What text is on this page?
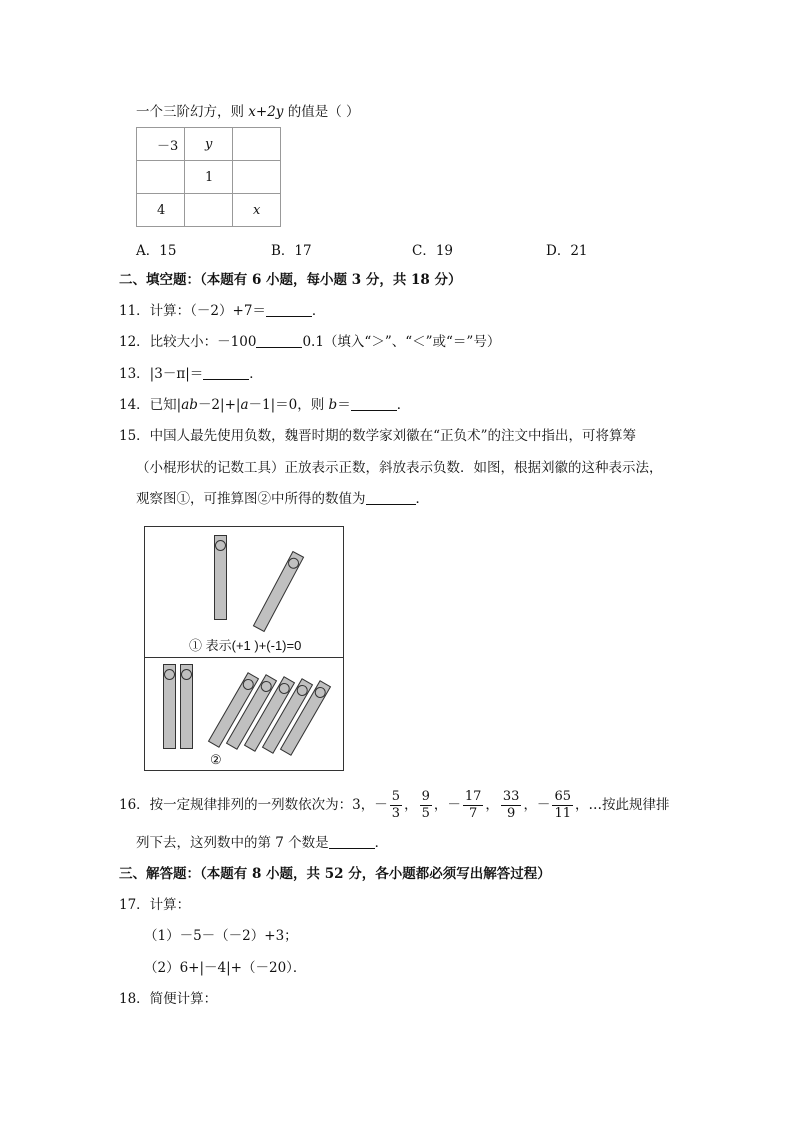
一个三阶幻方，则 x+2y 的值是（ ）
－3	y	
	1	
4		x
A．15	B．17	C．19	D．21
二、填空题：（本题有 6 小题，每小题 3 分，共 18 分）
11．计算：（－2）+7＝	．
12．比较大小：－100	0.1（填入“＞”、“＜”或“＝”号）
13．|3－π|＝	．
14．已知|ab－2|+|a－1|＝0，则 b＝	．
15．中国人最先使用负数，魏晋时期的数学家刘徽在“正负术”的注文中指出，可将算筹
（小棍形状的记数工具）正放表示正数，斜放表示负数．如图，根据刘徽的这种表示法，
观察图①，可推算图②中所得的数值为	．
① 表示(+1 )+(-1)=0
②
16．按一定规律排列的一列数依次为：3，－ $\frac{5}{3}$ ， $\frac{9}{5}$ ，－ $\frac{17}{7}$ ， $\frac{33}{9}$ ，－ $\frac{65}{11}$ ，…按此规律排
列下去，这列数中的第 7 个数是	．
三、解答题：（本题有 8 小题，共 52 分，各小题都必须写出解答过程）
17．计算：
（1）－5－（－2）+3；
（2）6+|－4|+（－20）．
18．简便计算：
